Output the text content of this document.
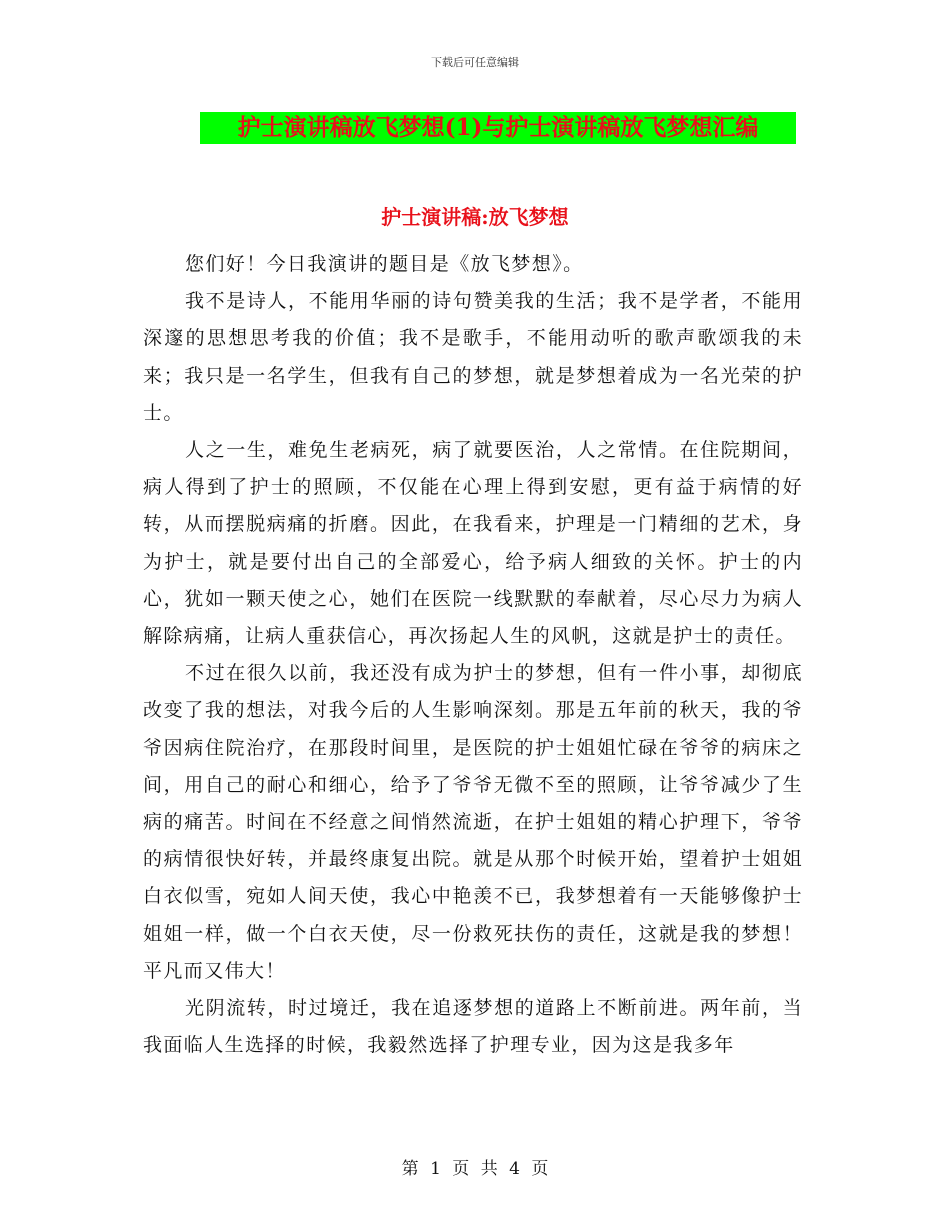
下载后可任意编辑
护士演讲稿放飞梦想(1)与护士演讲稿放飞梦想汇编
护士演讲稿:放飞梦想

您们好！今日我演讲的题目是《放飞梦想》。

我不是诗人，不能用华丽的诗句赞美我的生活；我不是学者，不能用深邃的思想思考我的价值；我不是歌手，不能用动听的歌声歌颂我的未来；我只是一名学生，但我有自己的梦想，就是梦想着成为一名光荣的护士。

人之一生，难免生老病死，病了就要医治，人之常情。在住院期间，病人得到了护士的照顾，不仅能在心理上得到安慰，更有益于病情的好转，从而摆脱病痛的折磨。因此，在我看来，护理是一门精细的艺术，身为护士，就是要付出自己的全部爱心，给予病人细致的关怀。护士的内心，犹如一颗天使之心，她们在医院一线默默的奉献着，尽心尽力为病人解除病痛，让病人重获信心，再次扬起人生的风帆，这就是护士的责任。

不过在很久以前，我还没有成为护士的梦想，但有一件小事，却彻底改变了我的想法，对我今后的人生影响深刻。那是五年前的秋天，我的爷爷因病住院治疗，在那段时间里，是医院的护士姐姐忙碌在爷爷的病床之间，用自己的耐心和细心，给予了爷爷无微不至的照顾，让爷爷减少了生病的痛苦。时间在不经意之间悄然流逝，在护士姐姐的精心护理下，爷爷的病情很快好转，并最终康复出院。就是从那个时候开始，望着护士姐姐白衣似雪，宛如人间天使，我心中艳羡不已，我梦想着有一天能够像护士姐姐一样，做一个白衣天使，尽一份救死扶伤的责任，这就是我的梦想！平凡而又伟大！

光阴流转，时过境迁，我在追逐梦想的道路上不断前进。两年前，当我面临人生选择的时候，我毅然选择了护理专业，因为这是我多年

第 1 页 共 4 页
